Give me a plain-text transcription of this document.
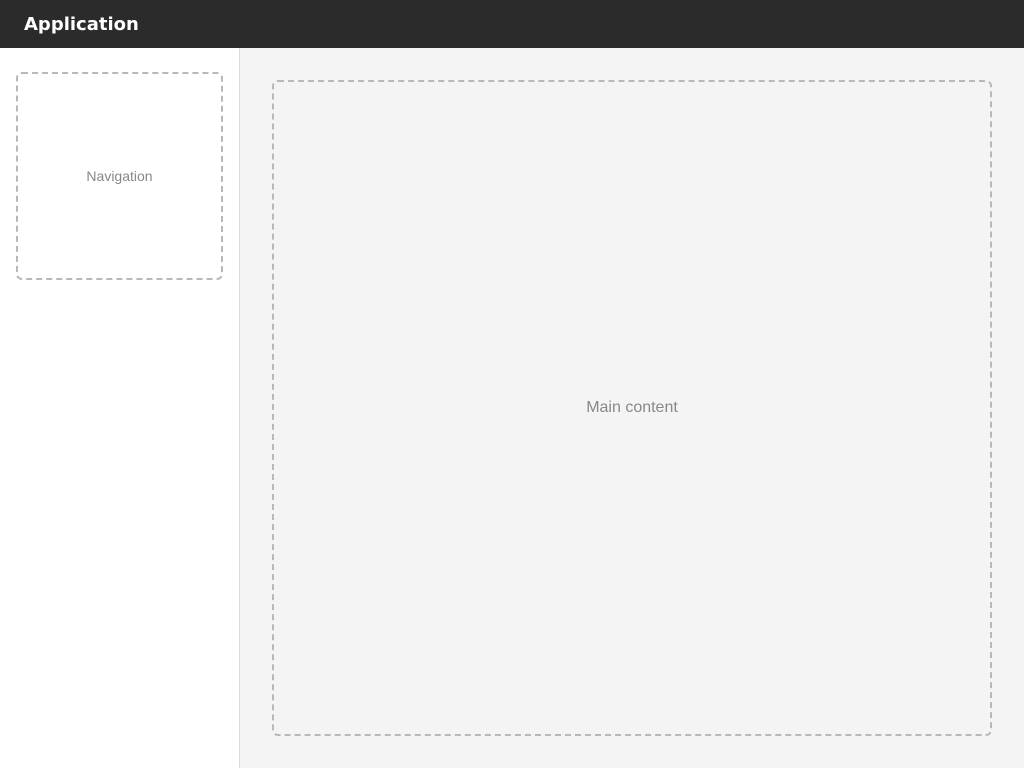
Application
Navigation
Main content
